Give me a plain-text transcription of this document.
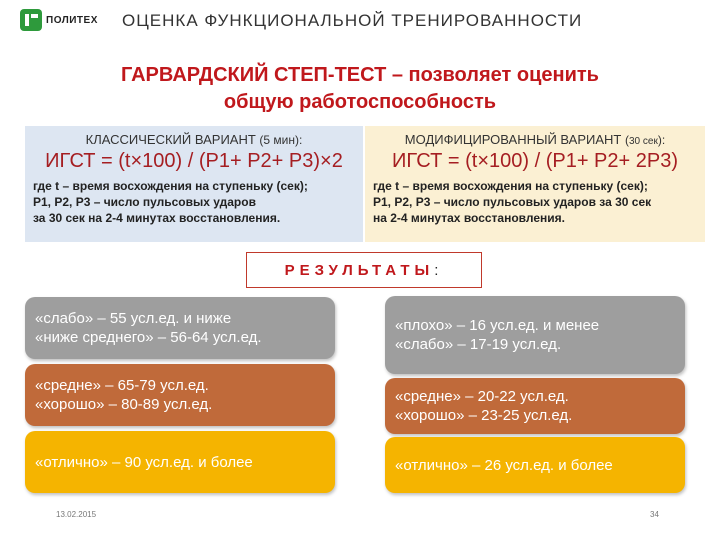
ПОЛИТЕХ ОЦЕНКА ФУНКЦИОНАЛЬНОЙ ТРЕНИРОВАННОСТИ
ГАРВАРДСКИЙ СТЕП-ТЕСТ – позволяет оценить
общую работоспособность
КЛАССИЧЕСКИЙ ВАРИАНТ (5 мин):
ИГСТ = (t×100) / (P1+ P2+ P3)×2
где t – время восхождения на ступеньку (сек);
P1, P2, P3 – число пульсовых ударов
за 30 сек на 2-4 минутах восстановления.
МОДИФИЦИРОВАННЫЙ ВАРИАНТ (30 сек):
ИГСТ = (t×100) / (P1+ P2+ 2P3)
где t – время восхождения на ступеньку (сек);
P1, P2, P3 – число пульсовых ударов за 30 сек
на 2-4 минутах восстановления.
РЕЗУЛЬТАТЫ :
«слабо» – 55 усл.ед. и ниже
«ниже среднего» – 56-64 усл.ед.
«средне» – 65-79 усл.ед.
«хорошо» – 80-89 усл.ед.
«отлично» – 90 усл.ед. и более
«плохо» – 16 усл.ед. и менее
«слабо» – 17-19 усл.ед.
«средне» – 20-22 усл.ед.
«хорошо» – 23-25 усл.ед.
«отлично» – 26 усл.ед. и более
13.02.2015	34
